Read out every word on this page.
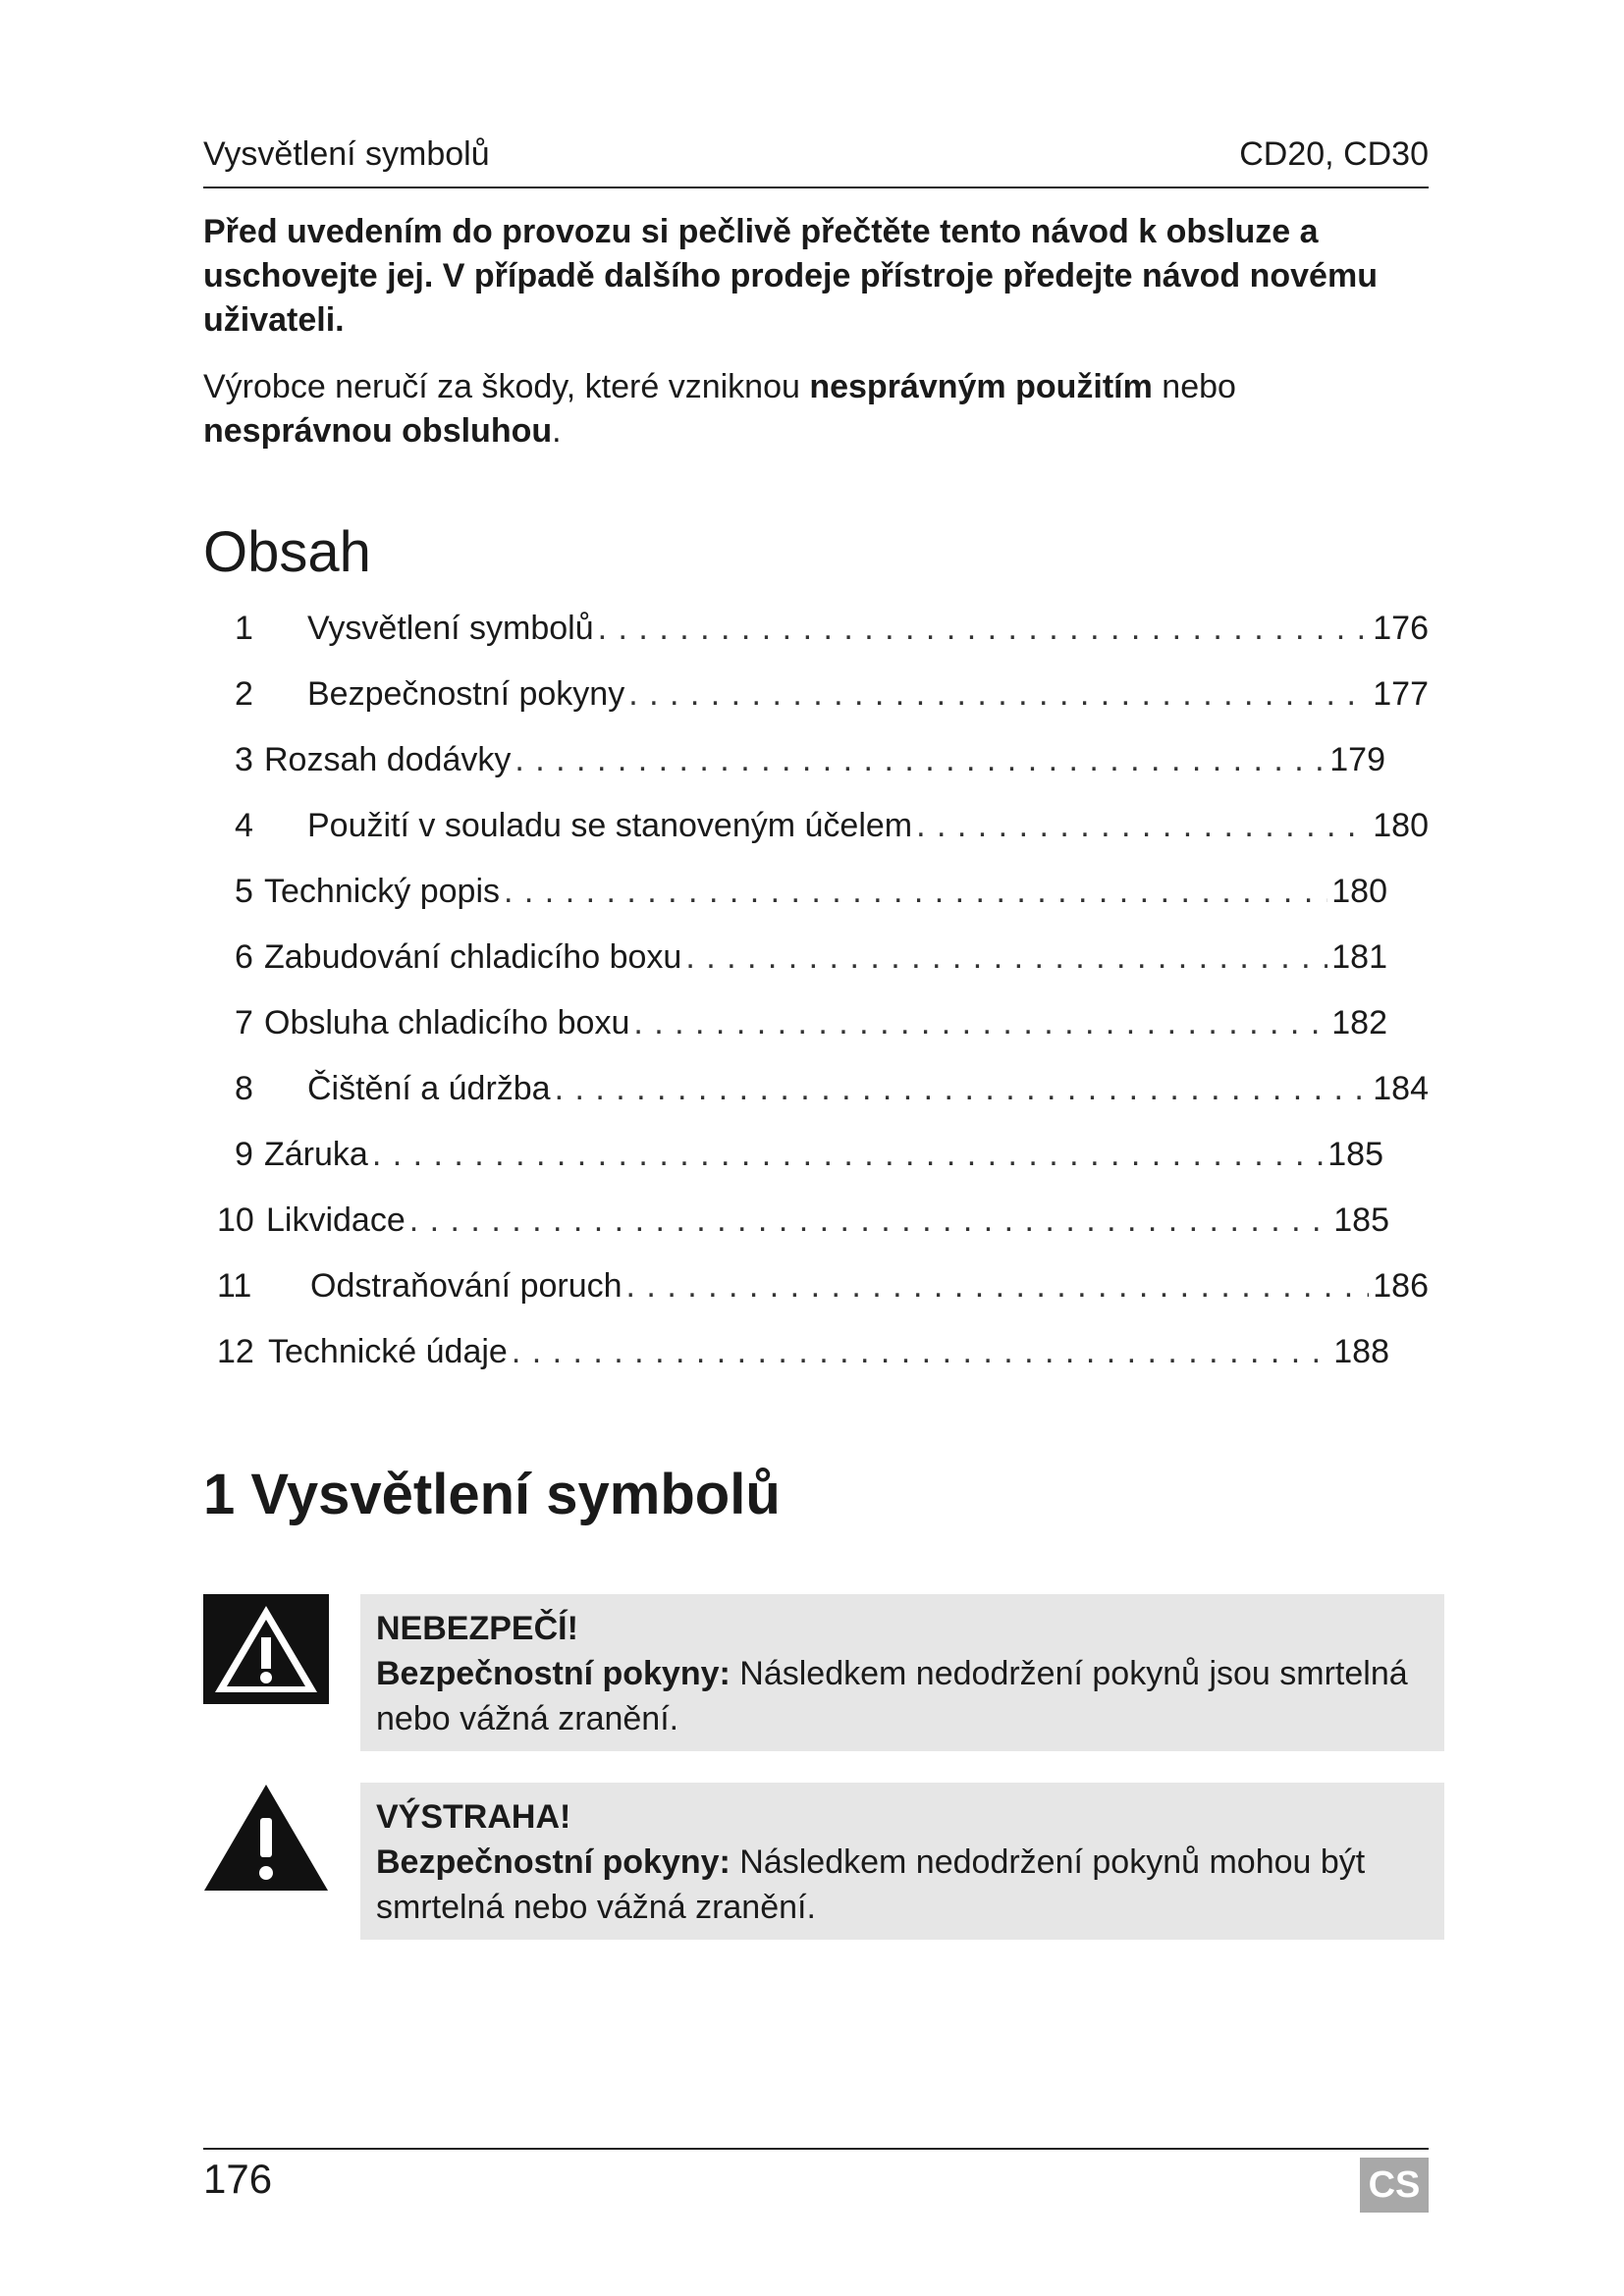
Vysvětlení symbolů	CD20, CD30

Před uvedením do provozu si pečlivě přečtěte tento návod k obsluze a uschovejte jej. V případě dalšího prodeje přístroje předejte návod novému uživateli.

Výrobce neručí za škody, které vzniknou nesprávným použitím nebo nesprávnou obsluhou.

Obsah
1	Vysvětlení symbolů . . .	176
2	Bezpečnostní pokyny . . .	177
3 Rozsah dodávky . . .	179
4	Použití v souladu se stanoveným účelem . . .	180
5 Technický popis . . .	180
6 Zabudování chladicího boxu . . .	181
7 Obsluha chladicího boxu . . .	182
8	Čištění a údržba . . .	184
9 Záruka . . .	185
10 Likvidace . . .	185
11	Odstraňování poruch . . .	186
12 Technické údaje . . .	188
1 Vysvětlení symbolů
NEBEZPEČÍ!
Bezpečnostní pokyny: Následkem nedodržení pokynů jsou smrtelná nebo vážná zranění.
VÝSTRAHA!
Bezpečnostní pokyny: Následkem nedodržení pokynů mohou být smrtelná nebo vážná zranění.
176	CS
